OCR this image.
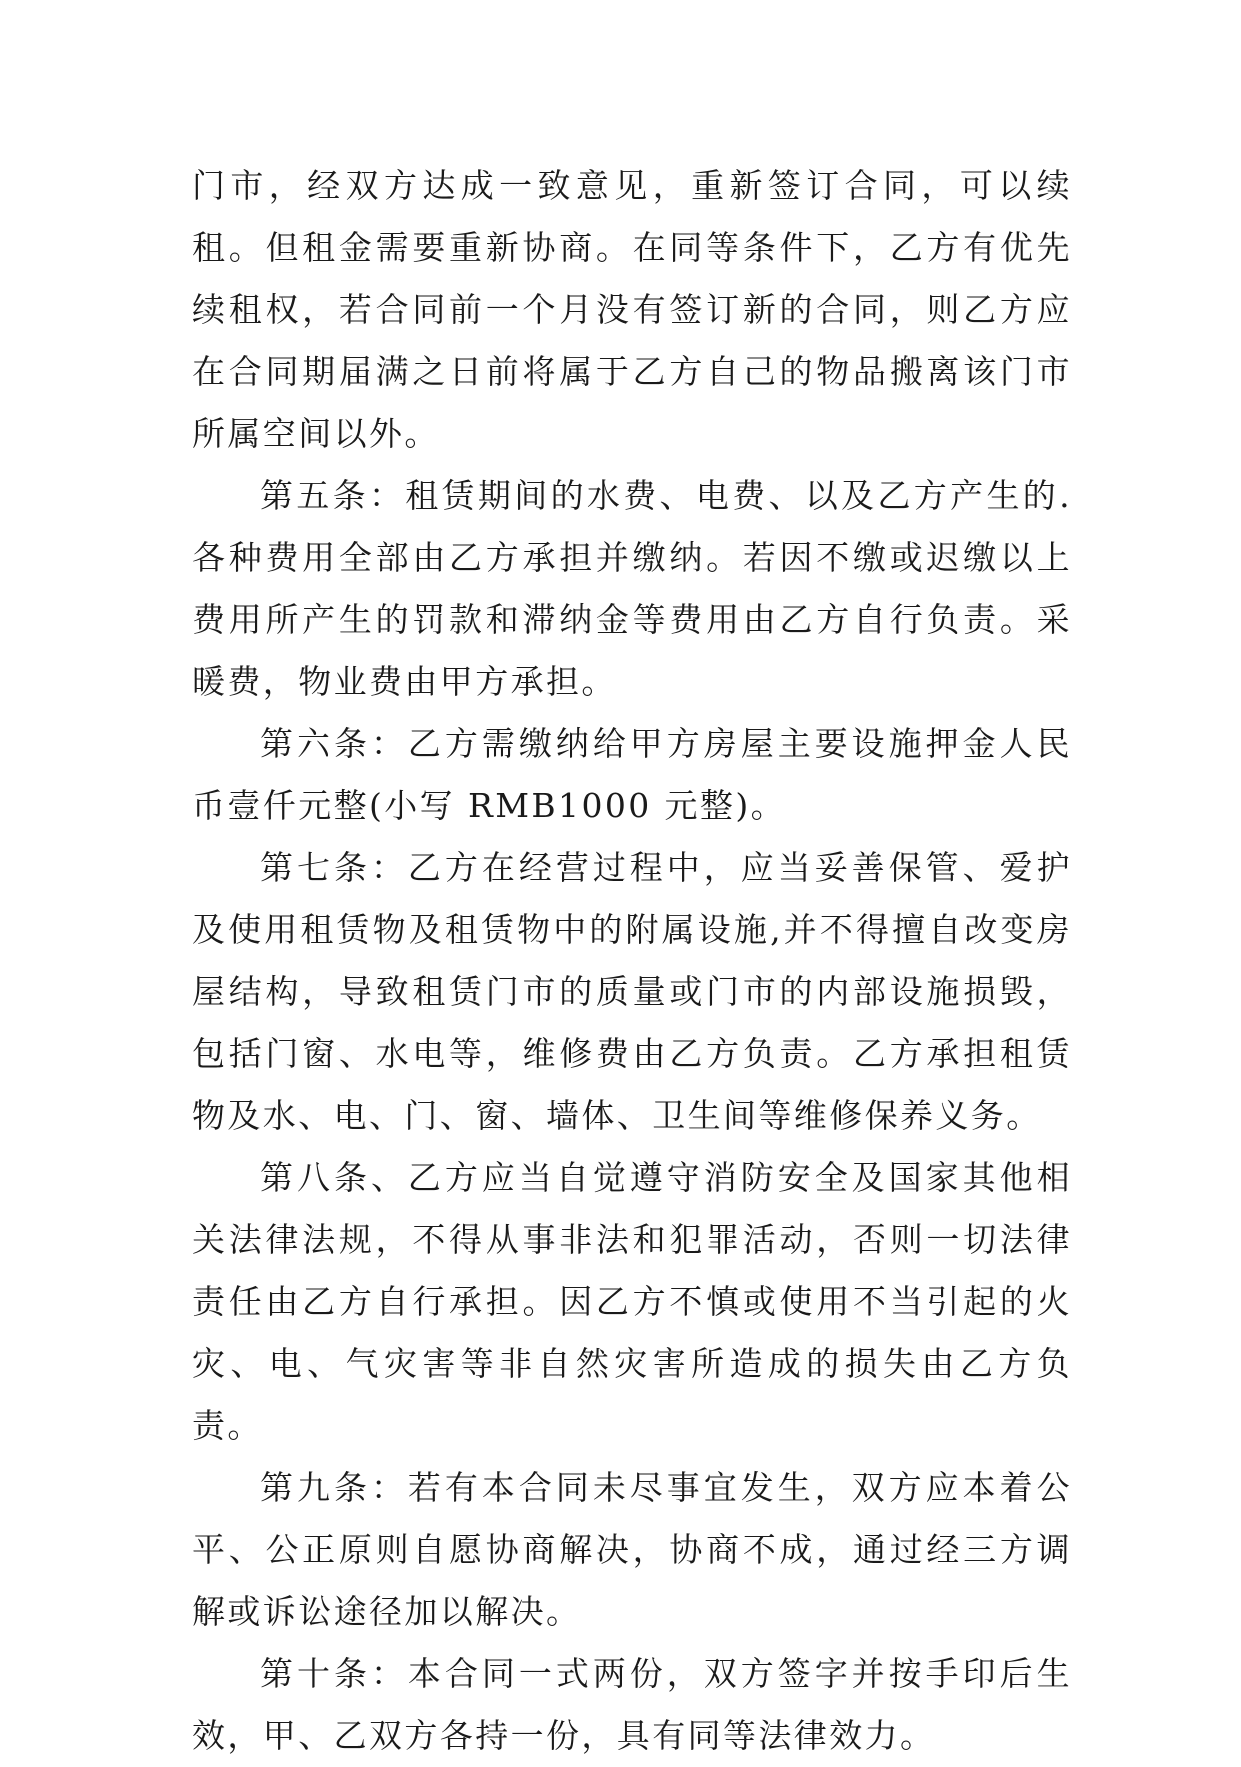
门市，经双方达成一致意见，重新签订合同，可以续租。但租金需要重新协商。在同等条件下，乙方有优先续租权，若合同前一个月没有签订新的合同，则乙方应在合同期届满之日前将属于乙方自己的物品搬离该门市所属空间以外。

第五条：租赁期间的水费、电费、以及乙方产生的.各种费用全部由乙方承担并缴纳。若因不缴或迟缴以上费用所产生的罚款和滞纳金等费用由乙方自行负责。采暖费，物业费由甲方承担。

第六条：乙方需缴纳给甲方房屋主要设施押金人民币壹仟元整(小写 RMB1000 元整)。

第七条：乙方在经营过程中，应当妥善保管、爱护及使用租赁物及租赁物中的附属设施,并不得擅自改变房屋结构，导致租赁门市的质量或门市的内部设施损毁，包括门窗、水电等，维修费由乙方负责。乙方承担租赁物及水、电、门、窗、墙体、卫生间等维修保养义务。

第八条、乙方应当自觉遵守消防安全及国家其他相关法律法规，不得从事非法和犯罪活动，否则一切法律责任由乙方自行承担。因乙方不慎或使用不当引起的火灾、电、气灾害等非自然灾害所造成的损失由乙方负责。

第九条：若有本合同未尽事宜发生，双方应本着公平、公正原则自愿协商解决，协商不成，通过经三方调解或诉讼途径加以解决。

第十条：本合同一式两份，双方签字并按手印后生效，甲、乙双方各持一份，具有同等法律效力。
